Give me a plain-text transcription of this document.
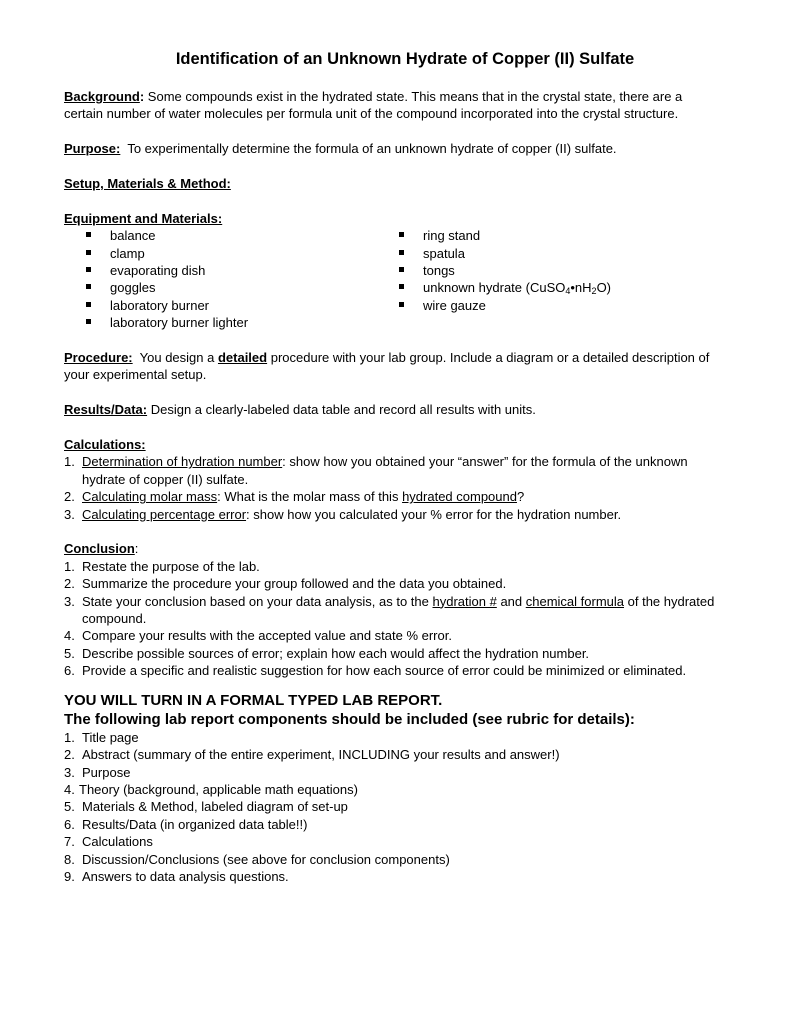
Identification of an Unknown Hydrate of Copper (II) Sulfate

Background: Some compounds exist in the hydrated state. This means that in the crystal state, there are a

certain number of water molecules per formula unit of the compound incorporated into the crystal structure.

Purpose: To experimentally determine the formula of an unknown hydrate of copper (II) sulfate.

Setup, Materials & Method:

Equipment and Materials:

balance
clamp
evaporating dish
goggles
laboratory burner
laboratory burner lighter
ring stand
spatula
tongs
unknown hydrate $(CuSO_4•nH_2O)$
wire gauze

Procedure: You design a detailed procedure with your lab group. Include a diagram or a detailed description of

your experimental setup.

Results/Data: Design a clearly-labeled data table and record all results with units.

Calculations:

1. Determination of hydration number: show how you obtained your “answer” for the formula of the unknown
hydrate of copper (II) sulfate.
2. Calculating molar mass: What is the molar mass of this hydrated compound?
3. Calculating percentage error: show how you calculated your % error for the hydration number.

Conclusion:

1. Restate the purpose of the lab.
2. Summarize the procedure your group followed and the data you obtained.
3. State your conclusion based on your data analysis, as to the hydration # and chemical formula of the hydrated
compound.
4. Compare your results with the accepted value and state % error.
5. Describe possible sources of error; explain how each would affect the hydration number.
6. Provide a specific and realistic suggestion for how each source of error could be minimized or eliminated.

YOU WILL TURN IN A FORMAL TYPED LAB REPORT.

The following lab report components should be included (see rubric for details):

1. Title page
2. Abstract (summary of the entire experiment, INCLUDING your results and answer!)
3. Purpose
4. Theory (background, applicable math equations)
5. Materials & Method, labeled diagram of set-up
6. Results/Data (in organized data table!!)
7. Calculations
8. Discussion/Conclusions (see above for conclusion components)
9. Answers to data analysis questions.
